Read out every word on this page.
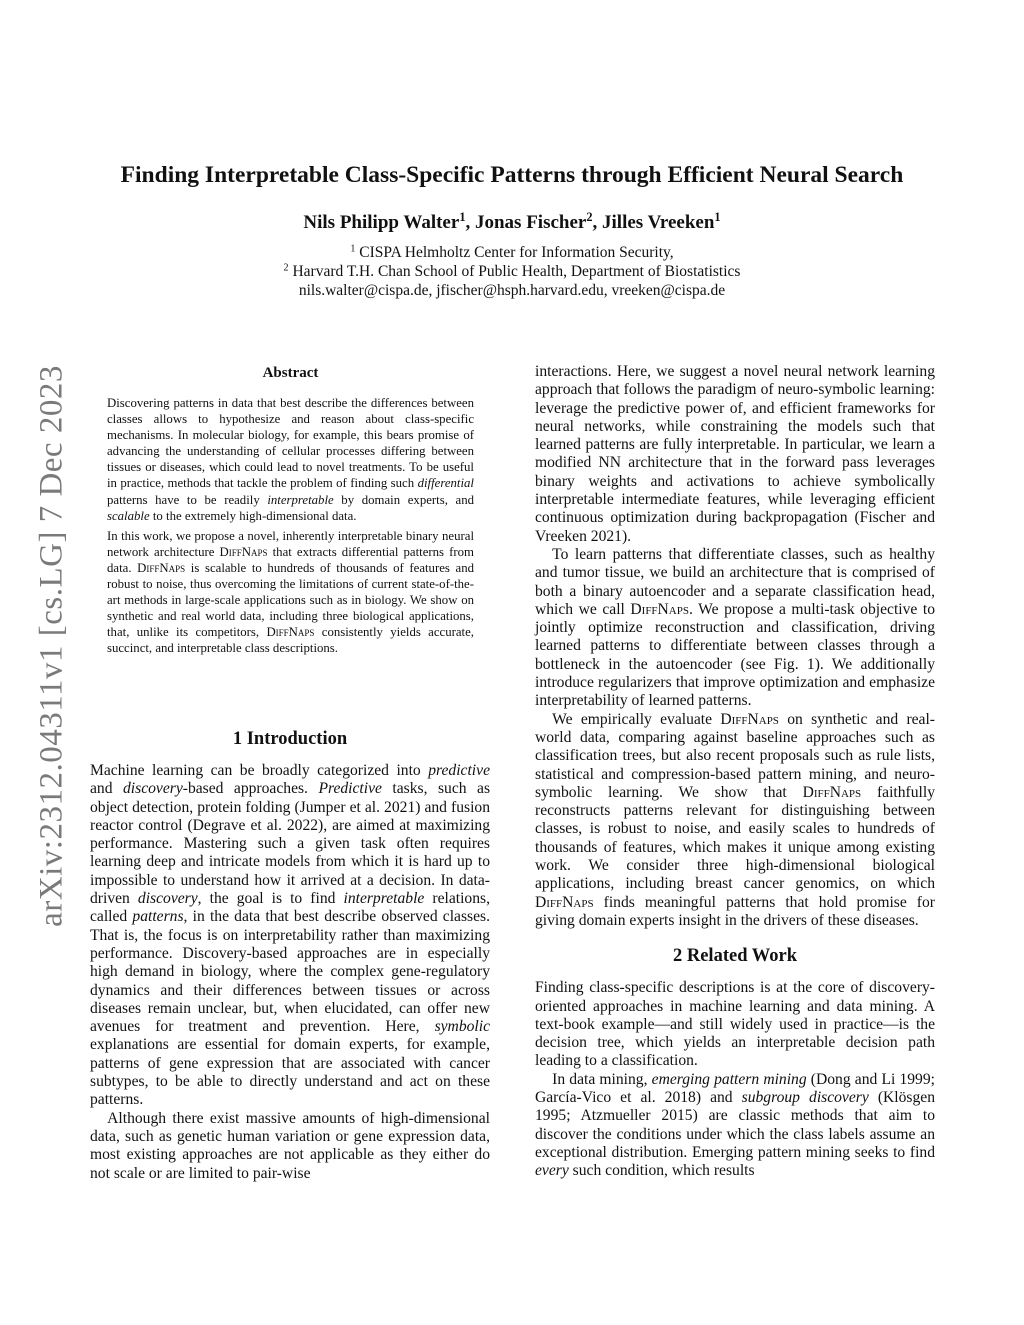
arXiv:2312.04311v1 [cs.LG] 7 Dec 2023
Finding Interpretable Class-Specific Patterns through Efficient Neural Search
Nils Philipp Walter$^1$, Jonas Fischer$^2$, Jilles Vreeken$^1$
$^1$ CISPA Helmholtz Center for Information Security,
$^2$ Harvard T.H. Chan School of Public Health, Department of Biostatistics
nils.walter@cispa.de, jfischer@hsph.harvard.edu, vreeken@cispa.de
Abstract

Discovering patterns in data that best describe the differences between classes allows to hypothesize and reason about class-specific mechanisms. In molecular biology, for example, this bears promise of advancing the understanding of cellular processes differing between tissues or diseases, which could lead to novel treatments. To be useful in practice, methods that tackle the problem of finding such differential patterns have to be readily interpretable by domain experts, and scalable to the extremely high-dimensional data.

In this work, we propose a novel, inherently interpretable binary neural network architecture DiffNaps that extracts differential patterns from data. DiffNaps is scalable to hundreds of thousands of features and robust to noise, thus overcoming the limitations of current state-of-the-art methods in large-scale applications such as in biology. We show on synthetic and real world data, including three biological applications, that, unlike its competitors, DiffNaps consistently yields accurate, succinct, and interpretable class descriptions.

1 Introduction

Machine learning can be broadly categorized into predictive and discovery-based approaches. Predictive tasks, such as object detection, protein folding (Jumper et al. 2021) and fusion reactor control (Degrave et al. 2022), are aimed at maximizing performance. Mastering such a given task often requires learning deep and intricate models from which it is hard up to impossible to understand how it arrived at a decision. In data-driven discovery, the goal is to find interpretable relations, called patterns, in the data that best describe observed classes. That is, the focus is on interpretability rather than maximizing performance. Discovery-based approaches are in especially high demand in biology, where the complex gene-regulatory dynamics and their differences between tissues or across diseases remain unclear, but, when elucidated, can offer new avenues for treatment and prevention. Here, symbolic explanations are essential for domain experts, for example, patterns of gene expression that are associated with cancer subtypes, to be able to directly understand and act on these patterns.

Although there exist massive amounts of high-dimensional data, such as genetic human variation or gene expression data, most existing approaches are not applicable as they either do not scale or are limited to pair-wise

interactions. Here, we suggest a novel neural network learning approach that follows the paradigm of neuro-symbolic learning: leverage the predictive power of, and efficient frameworks for neural networks, while constraining the models such that learned patterns are fully interpretable. In particular, we learn a modified NN architecture that in the forward pass leverages binary weights and activations to achieve symbolically interpretable intermediate features, while leveraging efficient continuous optimization during backpropagation (Fischer and Vreeken 2021).

To learn patterns that differentiate classes, such as healthy and tumor tissue, we build an architecture that is comprised of both a binary autoencoder and a separate classification head, which we call DiffNaps. We propose a multi-task objective to jointly optimize reconstruction and classification, driving learned patterns to differentiate between classes through a bottleneck in the autoencoder (see Fig. 1). We additionally introduce regularizers that improve optimization and emphasize interpretability of learned patterns.

We empirically evaluate DiffNaps on synthetic and real-world data, comparing against baseline approaches such as classification trees, but also recent proposals such as rule lists, statistical and compression-based pattern mining, and neuro-symbolic learning. We show that DiffNaps faithfully reconstructs patterns relevant for distinguishing between classes, is robust to noise, and easily scales to hundreds of thousands of features, which makes it unique among existing work. We consider three high-dimensional biological applications, including breast cancer genomics, on which DiffNaps finds meaningful patterns that hold promise for giving domain experts insight in the drivers of these diseases.

2 Related Work

Finding class-specific descriptions is at the core of discovery-oriented approaches in machine learning and data mining. A text-book example—and still widely used in practice—is the decision tree, which yields an interpretable decision path leading to a classification.

In data mining, emerging pattern mining (Dong and Li 1999; García-Vico et al. 2018) and subgroup discovery (Klösgen 1995; Atzmueller 2015) are classic methods that aim to discover the conditions under which the class labels assume an exceptional distribution. Emerging pattern mining seeks to find every such condition, which results
